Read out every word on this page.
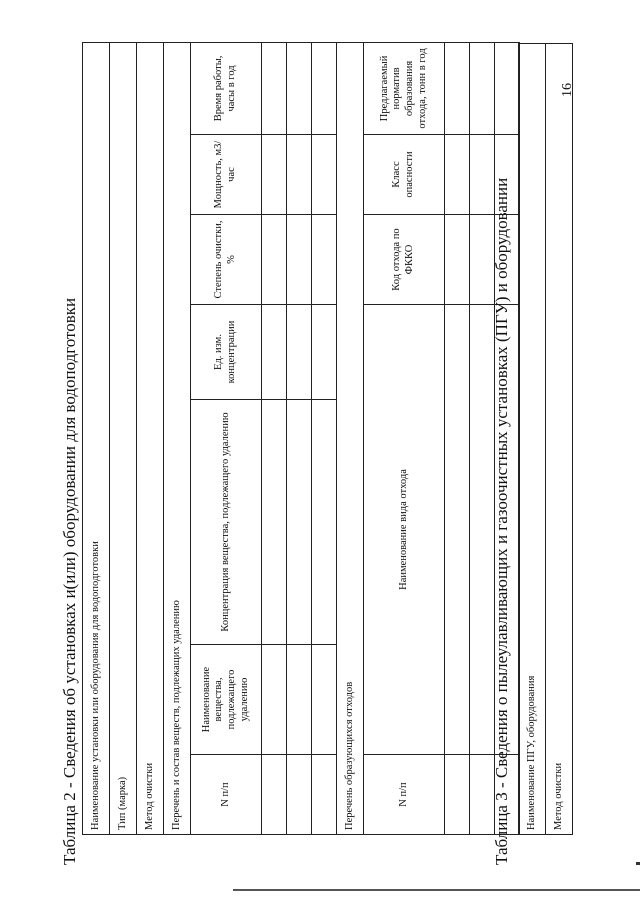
Таблица 2 - Сведения об установках и(или) оборудовании для водоподготовки Наименование установки или оборудования для водоподготовки						
Тип (марка)						
Метод очистки						
Перечень и состав веществ, подлежащих удалению						
N п/п	Наименование вещества, подлежащего удалению	Концентрация вещества, подлежащего удалению	Ед. изм. концентрации	Степень очистки, %	Мощность, м3/час	Время работы, часы в год

Перечень образующихся отходов						
N п/п	Наименование вида отхода			Код отхода по ФККО	Класс опасности	Предлагаемый норматив образования отхода, тонн в год

Таблица 3 - Сведения о пылеулавливающих и газоочистных установках (ПГУ) и оборудовании Наименование ПГУ, оборудования
Метод очистки
16
